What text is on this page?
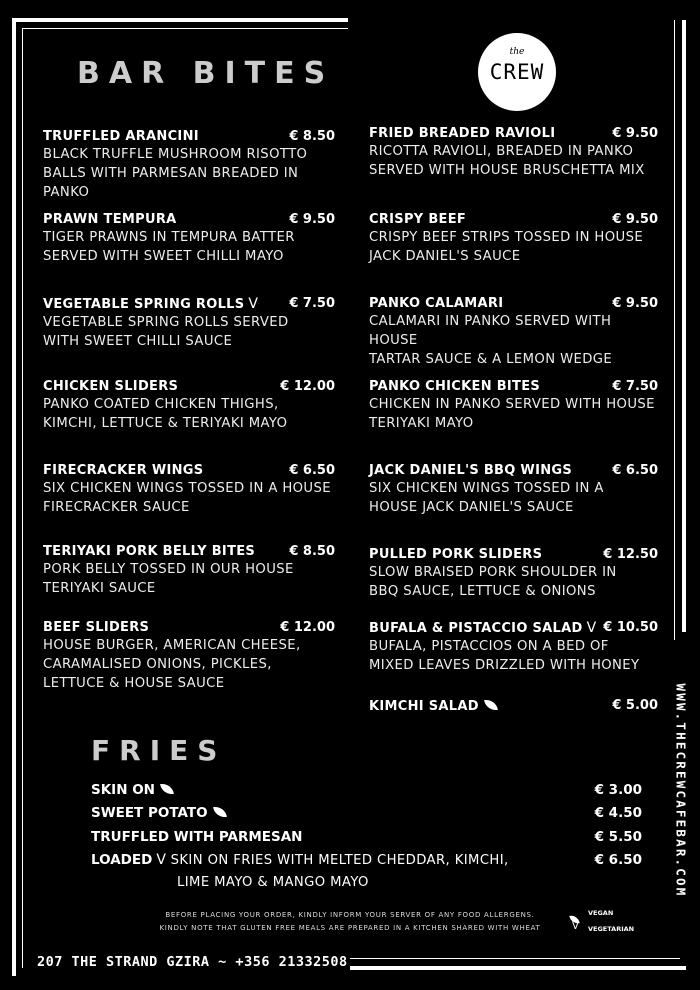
the
CREW
BAR BITES
TRUFFLED ARANCINI	€ 8.50
BLACK TRUFFLE MUSHROOM RISOTTO
BALLS WITH PARMESAN BREADED IN PANKO
PRAWN TEMPURA	€ 9.50
TIGER PRAWNS IN TEMPURA BATTER
SERVED WITH SWEET CHILLI MAYO
VEGETABLE SPRING ROLLS ᐯ	€ 7.50
VEGETABLE SPRING ROLLS SERVED
WITH SWEET CHILLI SAUCE
CHICKEN SLIDERS	€ 12.00
PANKO COATED CHICKEN THIGHS,
KIMCHI, LETTUCE & TERIYAKI MAYO
FIRECRACKER WINGS	€ 6.50
SIX CHICKEN WINGS TOSSED IN A HOUSE
FIRECRACKER SAUCE
TERIYAKI PORK BELLY BITES	€ 8.50
PORK BELLY TOSSED IN OUR HOUSE
TERIYAKI SAUCE
BEEF SLIDERS	€ 12.00
HOUSE BURGER, AMERICAN CHEESE,
CARAMALISED ONIONS, PICKLES,
LETTUCE & HOUSE SAUCE
FRIED BREADED RAVIOLI	€ 9.50
RICOTTA RAVIOLI, BREADED IN PANKO
SERVED WITH HOUSE BRUSCHETTA MIX
CRISPY BEEF	€ 9.50
CRISPY BEEF STRIPS TOSSED IN HOUSE
JACK DANIEL'S SAUCE
PANKO CALAMARI	€ 9.50
CALAMARI IN PANKO SERVED WITH HOUSE
TARTAR SAUCE & A LEMON WEDGE
PANKO CHICKEN BITES	€ 7.50
CHICKEN IN PANKO SERVED WITH HOUSE
TERIYAKI MAYO
JACK DANIEL'S BBQ WINGS	€ 6.50
SIX CHICKEN WINGS TOSSED IN A
HOUSE JACK DANIEL'S SAUCE
PULLED PORK SLIDERS	€ 12.50
SLOW BRAISED PORK SHOULDER IN
BBQ SAUCE, LETTUCE & ONIONS
BUFALA & PISTACCIO SALAD ᐯ € 10.50
BUFALA, PISTACCIOS ON A BED OF
MIXED LEAVES DRIZZLED WITH HONEY
KIMCHI SALAD	€ 5.00 WWW.THECREWCAFEBAR.COM
FRIES
SKIN ON	€ 3.00
SWEET POTATO	€ 4.50
TRUFFLED WITH PARMESAN	€ 5.50
LOADED ᐯ SKIN ON FRIES WITH MELTED CHEDDAR, KIMCHI,	€ 6.50
LIME MAYO & MANGO MAYO
BEFORE PLACING YOUR ORDER, KINDLY INFORM YOUR SERVER OF ANY FOOD ALLERGENS.
KINDLY NOTE THAT GLUTEN FREE MEALS ARE PREPARED IN A KITCHEN SHARED WITH WHEAT
VEGAN
ᐯ VEGETARIAN
207 THE STRAND GZIRA ~ +356 21332508
